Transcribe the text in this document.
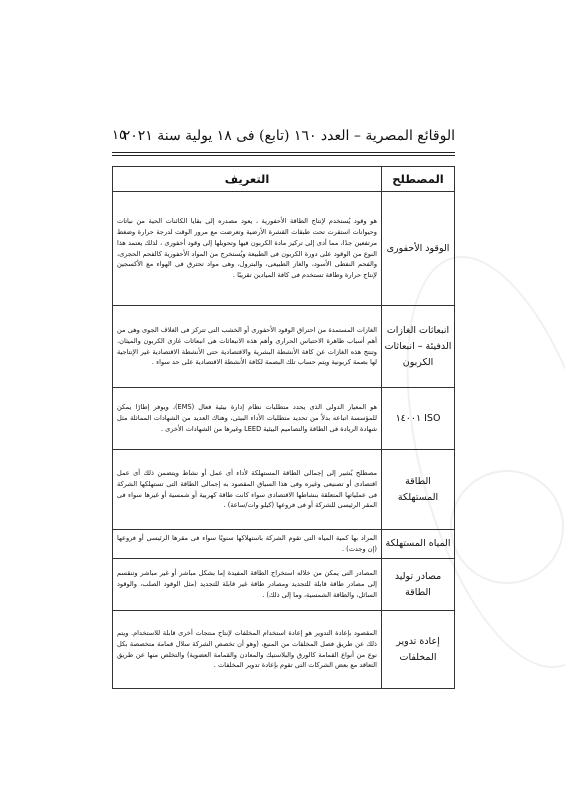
الوقائع المصرية – العدد ١٦٠ (تابع) فى ١٨ يولية سنة ٢٠٢١
١٥
المصطلح	التعريف
الوقود الأحفورى	هو وقود يُستخدم لإنتاج الطاقة الأحفورية ، يعود مصدره إلى بقايا الكائنات الحية من نباتات وحيوانات استقرت تحت طبقات القشرة الأرضية وتعرضت مع مرور الوقت لدرجة حرارة وضغط مرتفعين جدًا، مما أدى إلى تركيز مادة الكربون فيها وتحويلها إلى وقود أحفورى ، لذلك يعتمد هذا النوع من الوقود على دورة الكربون فى الطبيعة ويُستخرج من المواد الأحفورية كالفحم الحجرى، والفحم النفطى الأسود، والغاز الطبيعى، والبترول، وهى مواد تحترق فى الهواء مع الأكسجين لإنتاج حرارة وطاقة تستخدم فى كافة الميادين تقريبًا .
انبعاثات الغازات الدفيئة – انبعاثات الكربون	الغازات المستمدة من احتراق الوقود الأحفورى أو الخشب التى تتركز فى الغلاف الجوى وهى من أهم أسباب ظاهرة الاحتباس الحرارى وأهم هذه الانبعاثات هى انبعاثات غازى الكربون والميثان. وتنتج هذه الغازات عن كافة الأنشطة البشرية والاقتصادية حتى الأنشطة الاقتصادية غير الإنتاجية لها بصمة كربونية ويتم حساب تلك البصمة لكافة الأنشطة الاقتصادية على حد سواء .
ISO ١٤٠٠١	هو المعيار الدولى الذى يحدد متطلبات نظام إدارة بيئية فعال (EMS)، ويوفر إطارًا يمكن للمؤسسة اتباعه بدلاً من تحديد متطلبات الأداء البيئى، وهناك العديد من الشهادات المماثلة مثل شهادة الريادة فى الطاقة والتصاميم البيئية LEED وغيرها من الشهادات الأخرى .
الطاقة المستهلكة	مصطلح يُشير إلى إجمالى الطاقة المستهلكة لأداء أى عمل أو نشاط ويتضمن ذلك أى عمل اقتصادى أو تصنيعى وغيره وفى هذا السياق المقصود به إجمالى الطاقة التى تستهلكها الشركة فى عملياتها المتعلقة بنشاطها الاقتصادى سواء كانت طاقة كهربية أو شمسية أو غيرها سواء فى المقر الرئيسى للشركة أو فى فروعها (كيلو وات/ساعة) .
المياه المستهلكة	المراد بها كمية المياه التى تقوم الشركة باستهلاكها سنويًا سواء فى مقرها الرئيسى أو فروعها (إن وجدت) .
مصادر توليد الطاقة	المصادر التى يمكن من خلاله استخراج الطاقة المفيدة إما بشكل مباشر أو غير مباشر وتنقسم إلى مصادر طاقة قابلة للتجديد ومصادر طاقة غير قابلة للتجديد (مثل الوقود الصلب، والوقود السائل، والطاقة الشمسية، وما إلى ذلك) .
إعادة تدوير المخلفات	المقصود بإعادة التدوير هو إعادة استخدام المخلفات لإنتاج منتجات أخرى قابلة للاستخدام. ويتم ذلك عن طريق فصل المخلفات من المنبع، (وهو أن تخصص الشركة سلال قمامة متخصصة بكل نوع من أنواع القمامة كالورق والبلاستيك والمعادن والقمامة العضوية) والتخلص منها عن طريق التعاقد مع بعض الشركات التى تقوم بإعادة تدوير المخلفات .
